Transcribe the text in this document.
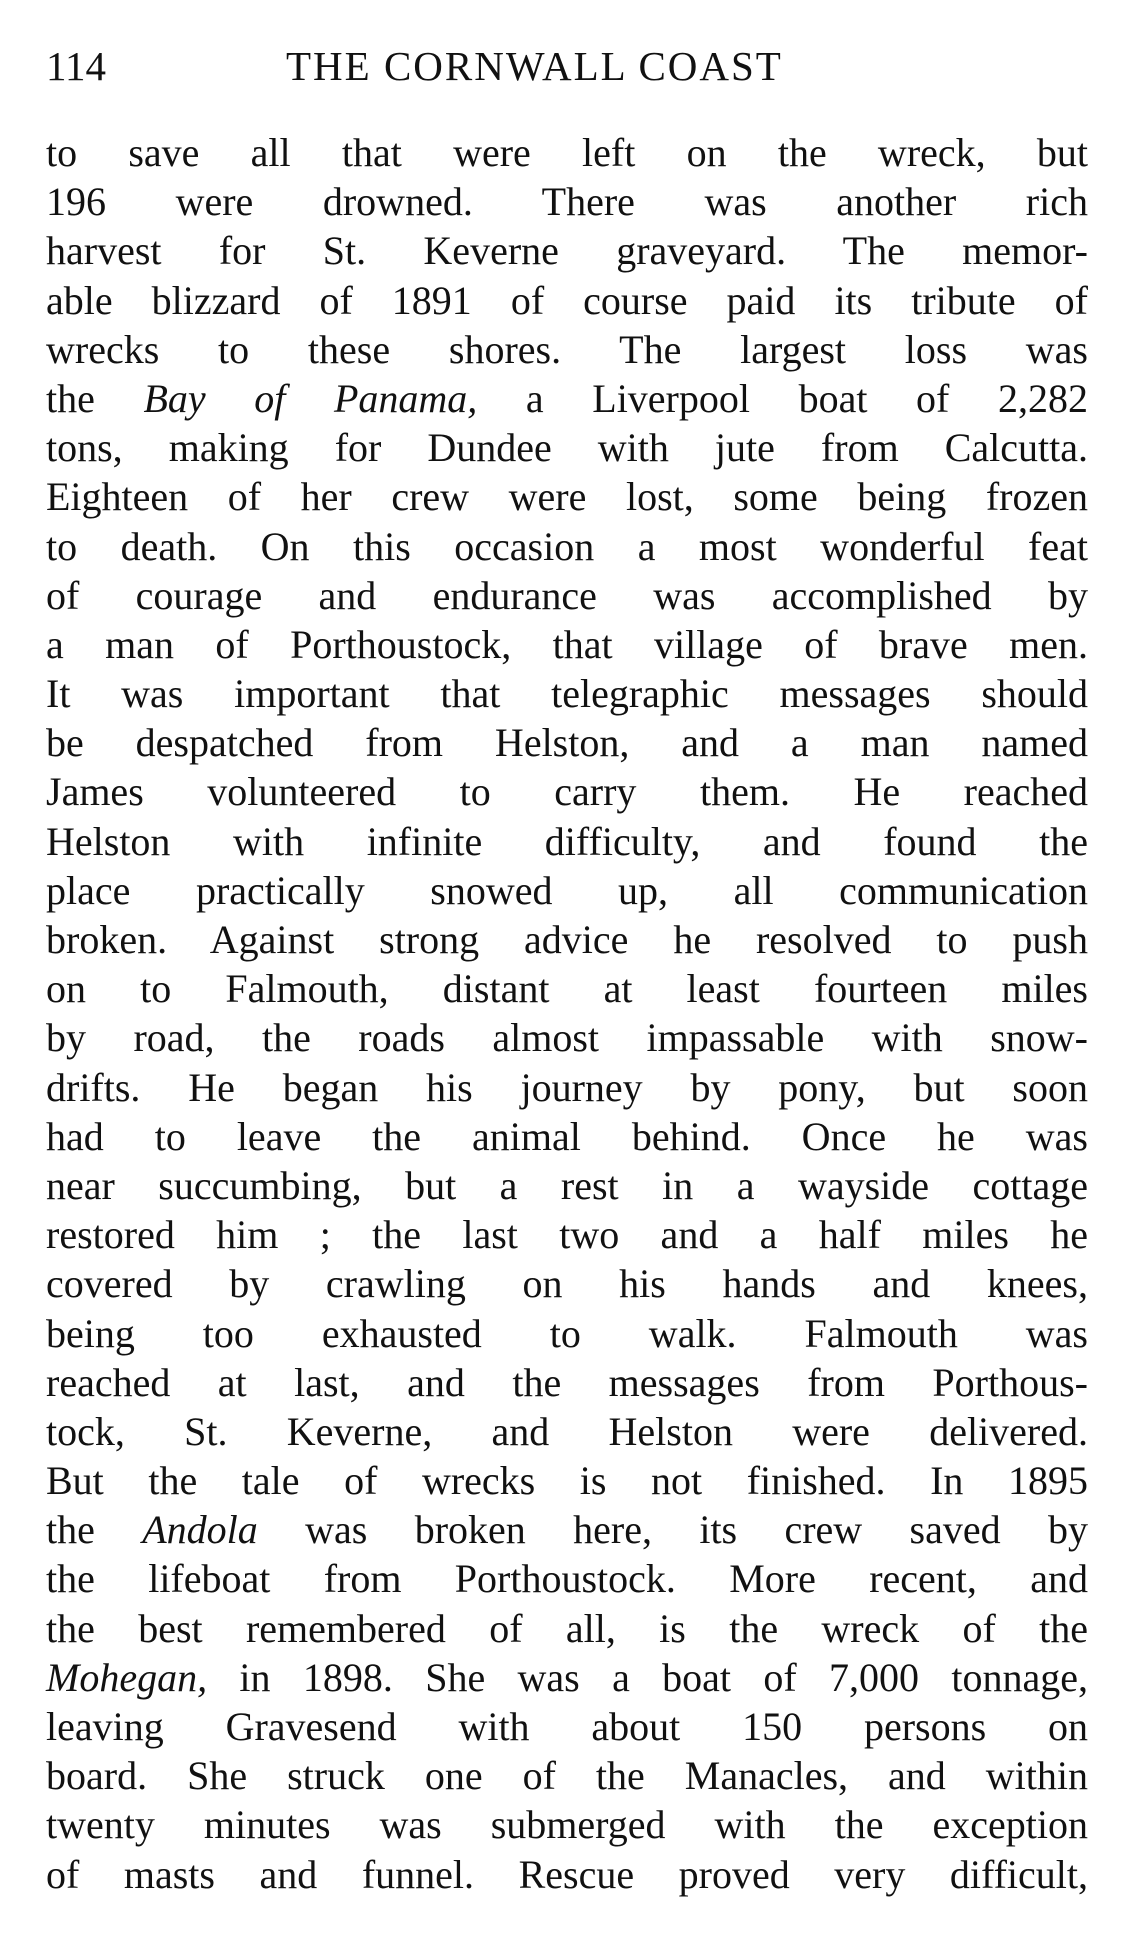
114	THE CORNWALL COAST
to save all that were left on the wreck, but
196 were drowned. There was another rich
harvest for St. Keverne graveyard. The memor-
able blizzard of 1891 of course paid its tribute of
wrecks to these shores. The largest loss was
the Bay of Panama, a Liverpool boat of 2,282
tons, making for Dundee with jute from Calcutta.
Eighteen of her crew were lost, some being frozen
to death. On this occasion a most wonderful feat
of courage and endurance was accomplished by
a man of Porthoustock, that village of brave men.
It was important that telegraphic messages should
be despatched from Helston, and a man named
James volunteered to carry them. He reached
Helston with infinite difficulty, and found the
place practically snowed up, all communication
broken. Against strong advice he resolved to push
on to Falmouth, distant at least fourteen miles
by road, the roads almost impassable with snow-
drifts. He began his journey by pony, but soon
had to leave the animal behind. Once he was
near succumbing, but a rest in a wayside cottage
restored him ; the last two and a half miles he
covered by crawling on his hands and knees,
being too exhausted to walk. Falmouth was
reached at last, and the messages from Porthous-
tock, St. Keverne, and Helston were delivered.
But the tale of wrecks is not finished. In 1895
the Andola was broken here, its crew saved by
the lifeboat from Porthoustock. More recent, and
the best remembered of all, is the wreck of the
Mohegan, in 1898. She was a boat of 7,000 tonnage,
leaving Gravesend with about 150 persons on
board. She struck one of the Manacles, and within
twenty minutes was submerged with the exception
of masts and funnel. Rescue proved very difficult,
